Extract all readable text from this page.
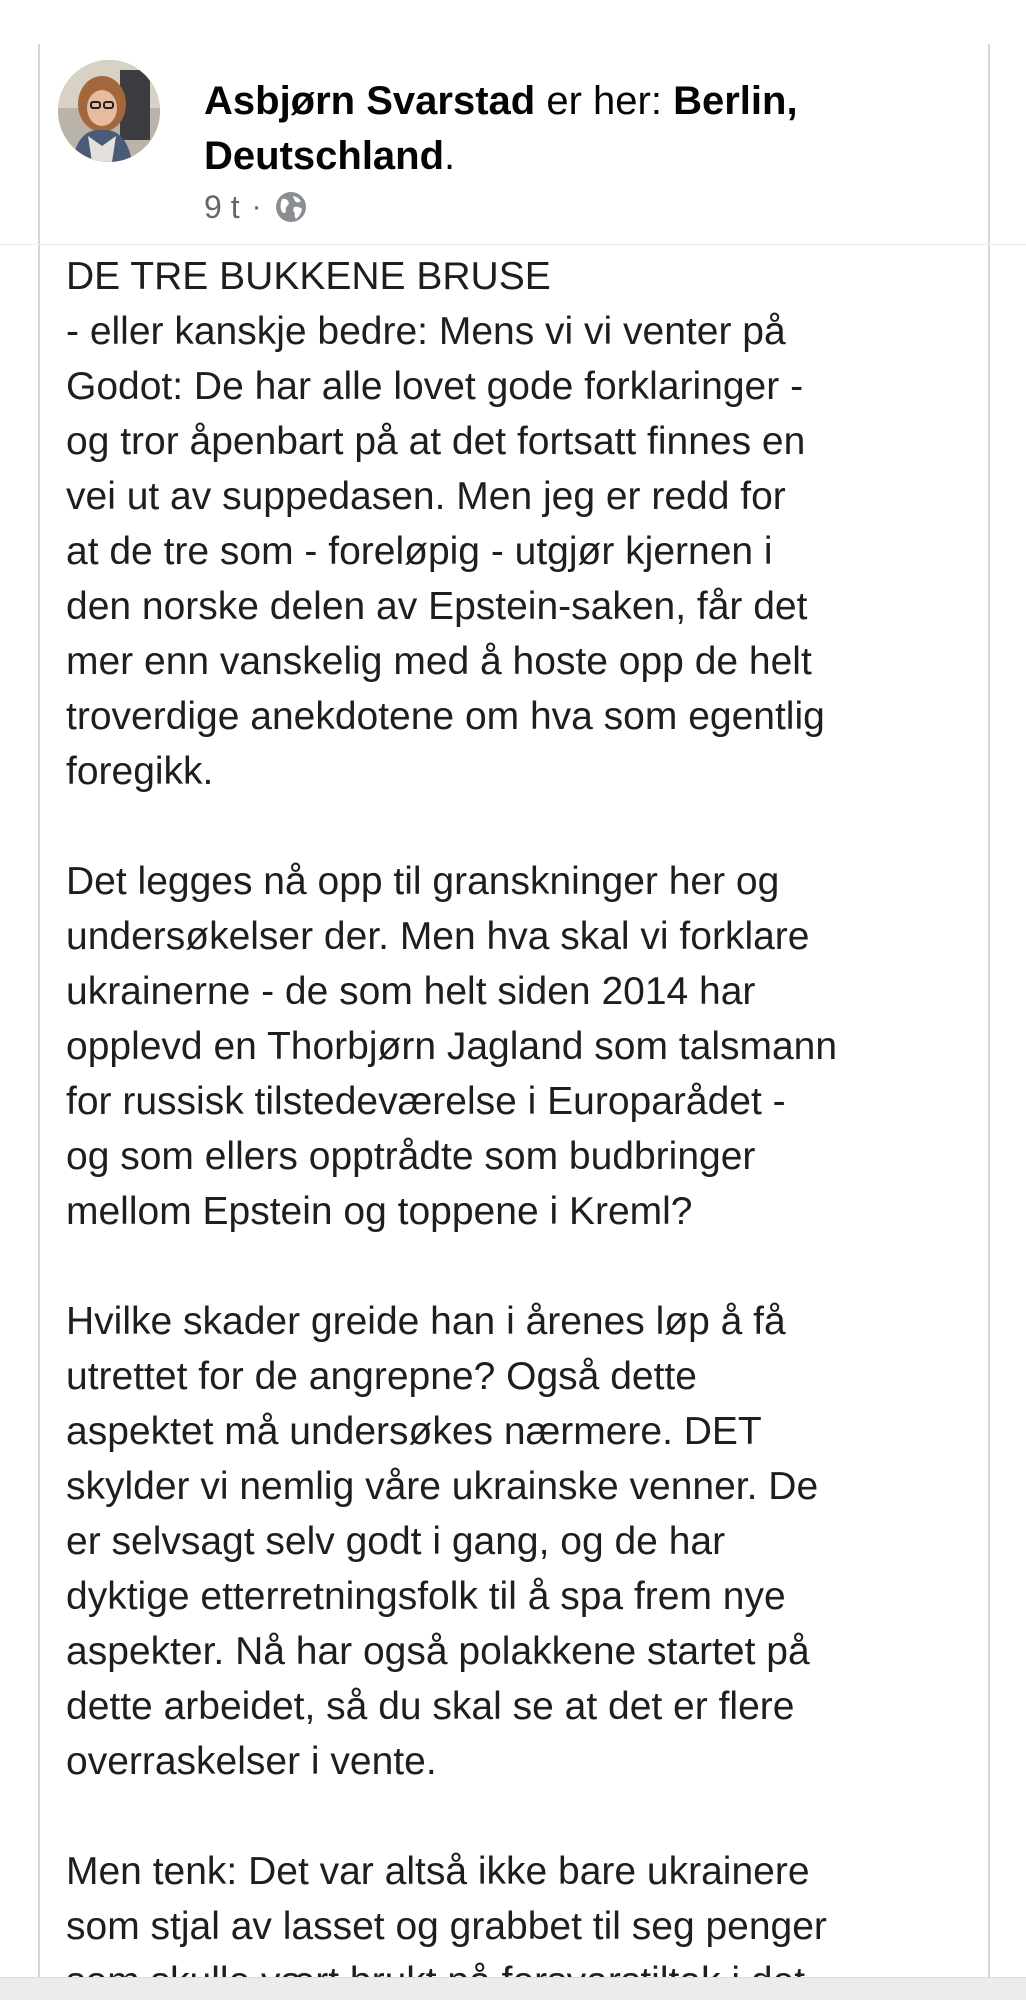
Asbjørn Svarstad er her: Berlin,
Deutschland.
9 t ·

DE TRE BUKKENE BRUSE
- eller kanskje bedre: Mens vi vi venter på
Godot: De har alle lovet gode forklaringer -
og tror åpenbart på at det fortsatt finnes en
vei ut av suppedasen. Men jeg er redd for
at de tre som - foreløpig - utgjør kjernen i
den norske delen av Epstein-saken, får det
mer enn vanskelig med å hoste opp de helt
troverdige anekdotene om hva som egentlig
foregikk.

Det legges nå opp til granskninger her og
undersøkelser der. Men hva skal vi forklare
ukrainerne - de som helt siden 2014 har
opplevd en Thorbjørn Jagland som talsmann
for russisk tilstedeværelse i Europarådet -
og som ellers opptrådte som budbringer
mellom Epstein og toppene i Kreml?

Hvilke skader greide han i årenes løp å få
utrettet for de angrepne? Også dette
aspektet må undersøkes nærmere. DET
skylder vi nemlig våre ukrainske venner. De
er selvsagt selv godt i gang, og de har
dyktige etterretningsfolk til å spa frem nye
aspekter. Nå har også polakkene startet på
dette arbeidet, så du skal se at det er flere
overraskelser i vente.

Men tenk: Det var altså ikke bare ukrainere
som stjal av lasset og grabbet til seg penger
